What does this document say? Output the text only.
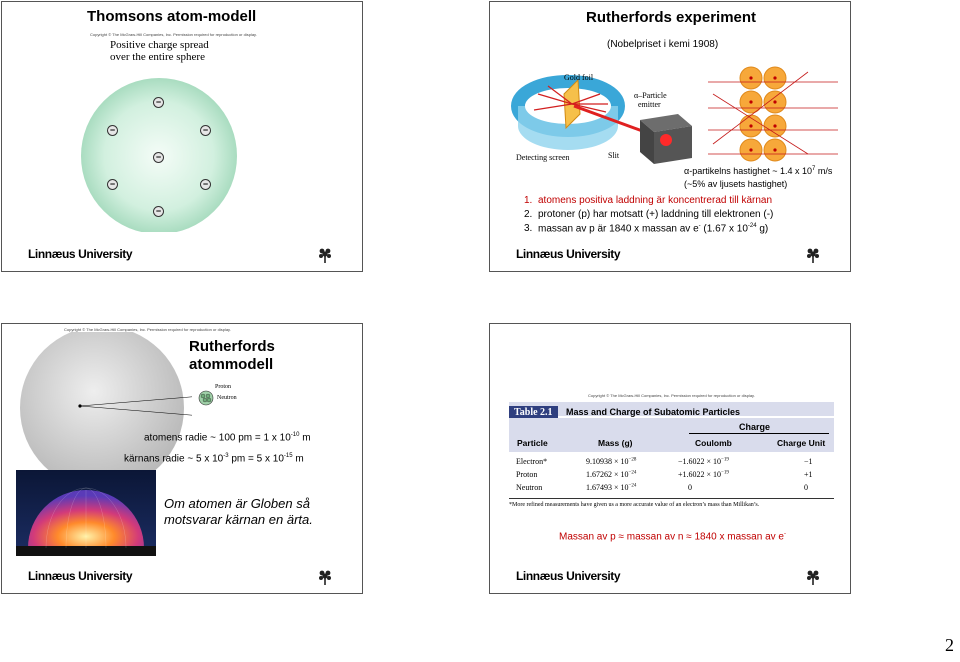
Thomsons atom-modell
Copyright © The McGraw-Hill Companies, Inc. Permission required for reproduction or display.
Positive charge spread
over the entire sphere
−
−	−
−
−	−
−
Linnæus University
Rutherfords experiment
(Nobelpriset i kemi 1908)
Gold foil
α–Particle
emitter
Detecting screen	Slit
α-partikelns hastighet ~ 1.4 x $10^7$ m/s
(~5% av ljusets hastighet)
1. atomens positiva laddning är koncentrerad till kärnan
2. protoner (p) har motsatt (+) laddning till elektronen (-)
3. massan av p är 1840 x massan av e- (1.67 x $10^{-24}$ g)
Linnæus University
Copyright © The McGraw-Hill Companies, Inc. Permission required for reproduction or display.
Proton
Neutron
Rutherfords
atommodell
atomens radie ~ 100 pm = 1 x $10^{-10}$ m
kärnans radie ~ 5 x $10^{-3}$ pm = 5 x $10^{-15}$ m
Om atomen är Globen så
motsvarar kärnan en ärta.
Linnæus University
Copyright © The McGraw-Hill Companies, Inc. Permission required for reproduction or display.
Table 2.1 Mass and Charge of Subatomic Particles
Charge
Particle	Mass (g)	Coulomb	Charge Unit
Electron*	$9.10938 \times 10^{-28}$	$-1.6022 \times 10^{-19}$	−1
Proton	$1.67262 \times 10^{-24}$	$+1.6022 \times 10^{-19}$	+1
Neutron	$1.67493 \times 10^{-24}$	0	0
*More refined measurements have given us a more accurate value of an electron’s mass than Millikan’s.
Massan av p ≈ massan av n ≈ 1840 x massan av e-
Linnæus University
2
